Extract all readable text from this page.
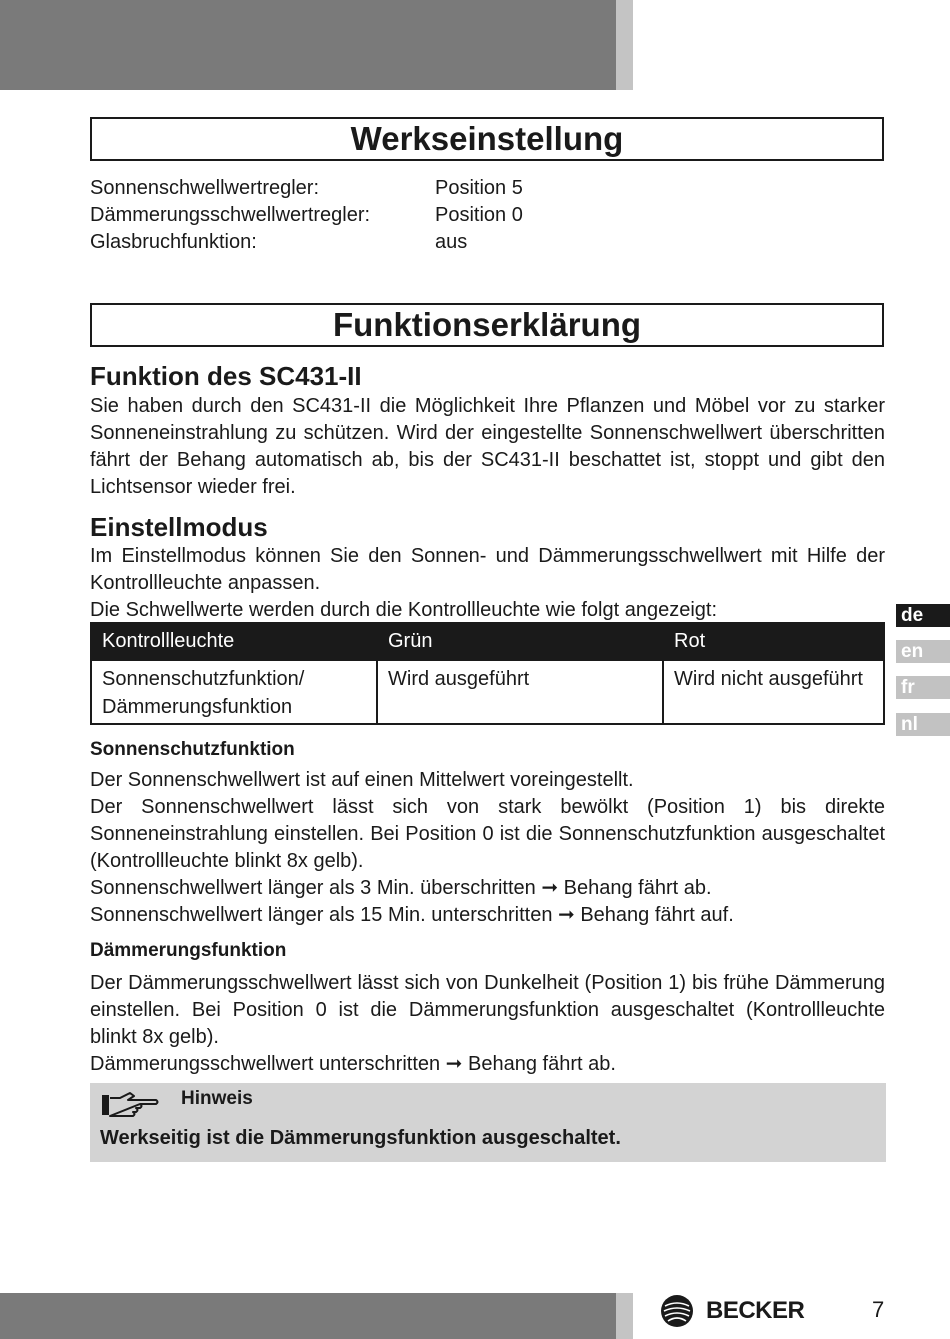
Werkseinstellung
Sonnenschwellwertregler:	Position 5
Dämmerungsschwellwertregler:	Position 0
Glasbruchfunktion:	aus
Funktionserklärung
Funktion des SC431-II

Sie haben durch den SC431-II die Möglichkeit Ihre Pflanzen und Möbel vor zu starker Sonneneinstrahlung zu schützen. Wird der eingestellte Sonnenschwellwert überschritten fährt der Behang automatisch ab, bis der SC431-II beschattet ist, stoppt und gibt den Lichtsensor wieder frei.

Einstellmodus

Im Einstellmodus können Sie den Sonnen- und Dämmerungsschwellwert mit Hilfe der Kontrollleuchte anpassen.

Die Schwellwerte werden durch die Kontrollleuchte wie folgt angezeigt:

Kontrollleuchte	Grün	Rot
Sonnenschutzfunktion/ Dämmerungsfunktion	Wird ausgeführt	Wird nicht ausgeführt
de
en
fr
nl
Sonnenschutzfunktion

Der Sonnenschwellwert ist auf einen Mittelwert voreingestellt.

Der Sonnenschwellwert lässt sich von stark bewölkt (Position 1) bis direkte Sonneneinstrahlung einstellen. Bei Position 0 ist die Sonnenschutzfunktion ausgeschaltet (Kontrollleuchte blinkt 8x gelb).

Sonnenschwellwert länger als 3 Min. überschritten ➞ Behang fährt ab.

Sonnenschwellwert länger als 15 Min. unterschritten ➞ Behang fährt auf.

Dämmerungsfunktion

Der Dämmerungsschwellwert lässt sich von Dunkelheit (Position 1) bis frühe Dämmerung einstellen. Bei Position 0 ist die Dämmerungsfunktion ausgeschaltet (Kontrollleuchte blinkt 8x gelb).

Dämmerungsschwellwert unterschritten ➞ Behang fährt ab.

Hinweis
Werkseitig ist die Dämmerungsfunktion ausgeschaltet.
BECKER	7
